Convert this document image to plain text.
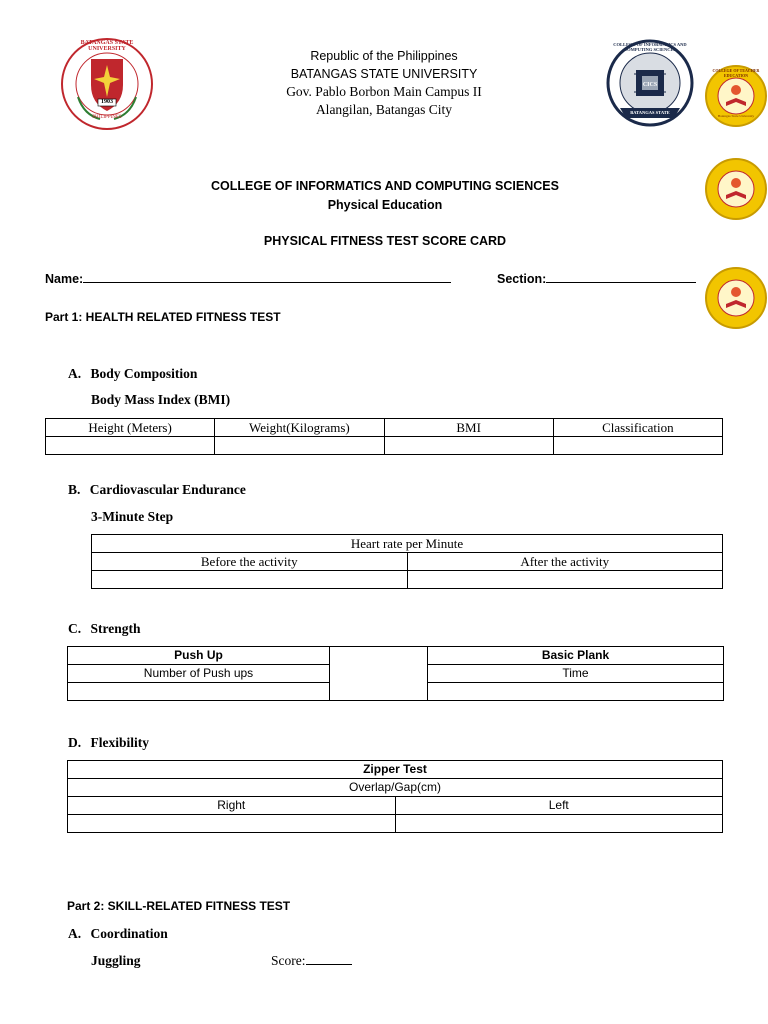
1903
BATANGAS STATE UNIVERSITY
PHILIPPINES
Republic of the Philippines
BATANGAS STATE UNIVERSITY
Gov. Pablo Borbon Main Campus II
Alangilan, Batangas City
CICS
COLLEGE OF INFORMATICS AND COMPUTING SCIENCES
BATANGAS STATE
COLLEGE OF TEACHER EDUCATION
Batangas State University
COLLEGE OF INFORMATICS AND COMPUTING SCIENCES
Physical Education
PHYSICAL FITNESS TEST SCORE CARD
Name:	Section:
Part 1: HEALTH RELATED FITNESS TEST
A. Body Composition
Body Mass Index (BMI)
Height (Meters)	Weight(Kilograms)	BMI	Classification

B. Cardiovascular Endurance
3-Minute Step
Heart rate per Minute	
Before the activity	After the activity

C. Strength
Push Up		Basic Plank
Number of Push ups		Time

D. Flexibility
Zipper Test	
Overlap/Gap(cm)	
Right	Left

Part 2: SKILL-RELATED FITNESS TEST
A. Coordination
Juggling	Score:
